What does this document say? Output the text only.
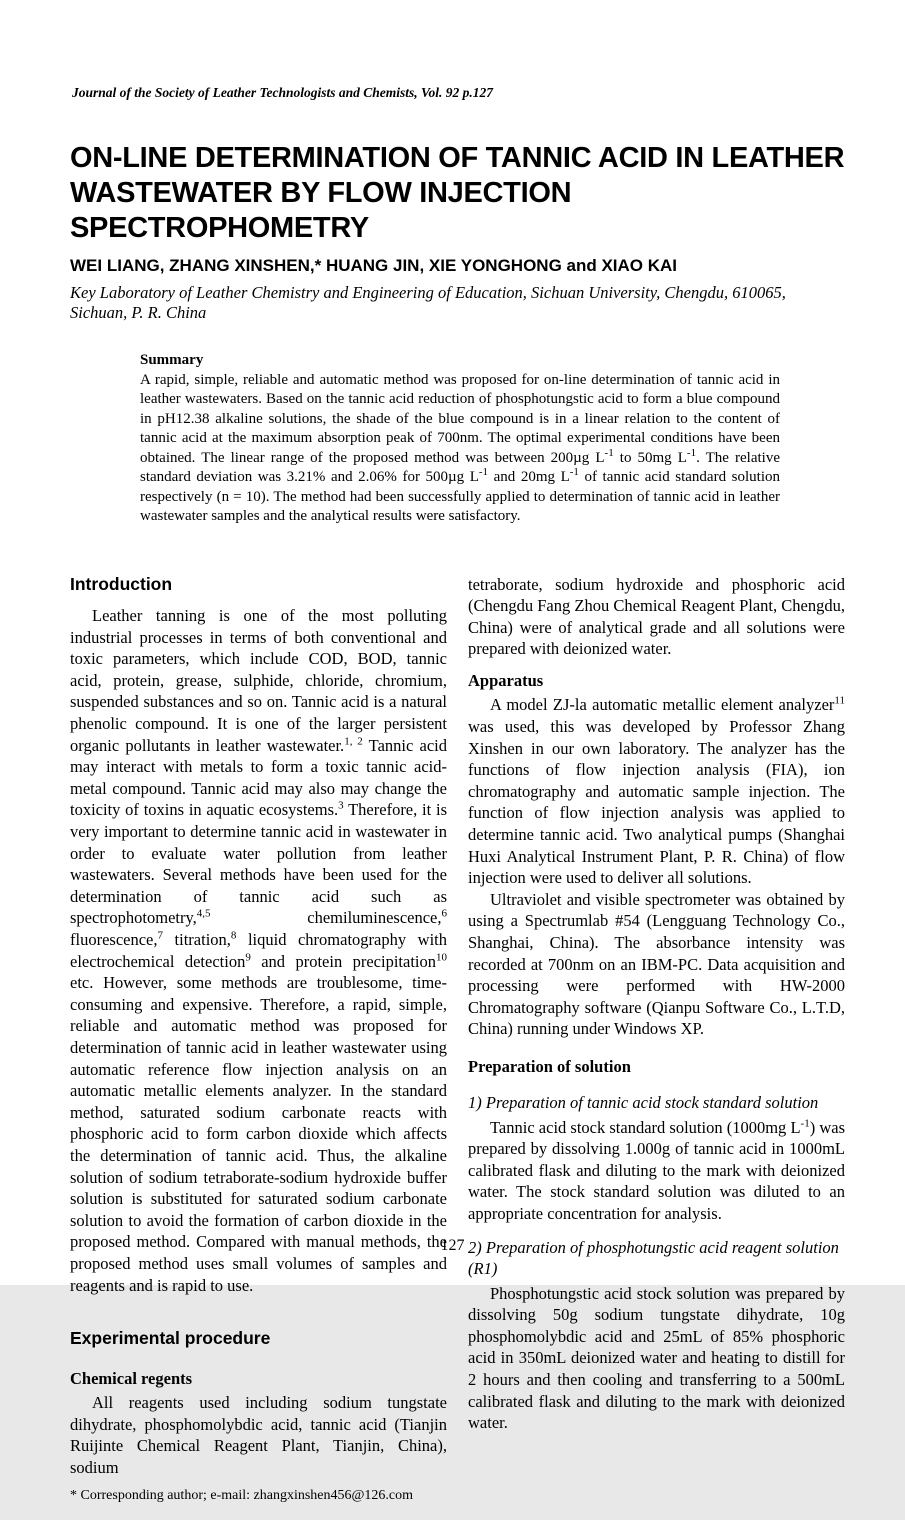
Journal of the Society of Leather Technologists and Chemists, Vol. 92 p.127

ON-LINE DETERMINATION OF TANNIC ACID IN LEATHER WASTEWATER BY FLOW INJECTION SPECTROPHOMETRY

WEI LIANG, ZHANG XINSHEN,* HUANG JIN, XIE YONGHONG and XIAO KAI

Key Laboratory of Leather Chemistry and Engineering of Education, Sichuan University, Chengdu, 610065, Sichuan, P. R. China

Summary

A rapid, simple, reliable and automatic method was proposed for on-line determination of tannic acid in leather wastewaters. Based on the tannic acid reduction of phosphotungstic acid to form a blue compound in pH12.38 alkaline solutions, the shade of the blue compound is in a linear relation to the content of tannic acid at the maximum absorption peak of 700nm. The optimal experimental conditions have been obtained. The linear range of the proposed method was between 200µg $L^{-1}$ to 50mg $L^{-1}$. The relative standard deviation was 3.21% and 2.06% for 500µg $L^{-1}$ and 20mg $L^{-1}$ of tannic acid standard solution respectively (n = 10). The method had been successfully applied to determination of tannic acid in leather wastewater samples and the analytical results were satisfactory.

Introduction

Leather tanning is one of the most polluting industrial processes in terms of both conventional and toxic parameters, which include COD, BOD, tannic acid, protein, grease, sulphide, chloride, chromium, suspended substances and so on. Tannic acid is a natural phenolic compound. It is one of the larger persistent organic pollutants in leather wastewater.$^{1, 2}$ Tannic acid may interact with metals to form a toxic tannic acid-metal compound. Tannic acid may also may change the toxicity of toxins in aquatic ecosystems.$^3$ Therefore, it is very important to determine tannic acid in wastewater in order to evaluate water pollution from leather wastewaters. Several methods have been used for the determination of tannic acid such as spectrophotometry,$^{4,5}$ chemiluminescence,$^6$ fluorescence,$^7$ titration,$^8$ liquid chromatography with electrochemical detection$^9$ and protein precipitation$^{10}$ etc. However, some methods are troublesome, time-consuming and expensive. Therefore, a rapid, simple, reliable and automatic method was proposed for determination of tannic acid in leather wastewater using automatic reference flow injection analysis on an automatic metallic elements analyzer. In the standard method, saturated sodium carbonate reacts with phosphoric acid to form carbon dioxide which affects the determination of tannic acid. Thus, the alkaline solution of sodium tetraborate-sodium hydroxide buffer solution is substituted for saturated sodium carbonate solution to avoid the formation of carbon dioxide in the proposed method. Compared with manual methods, the proposed method uses small volumes of samples and reagents and is rapid to use.

Experimental procedure

Chemical regents

All reagents used including sodium tungstate dihydrate, phosphomolybdic acid, tannic acid (Tianjin Ruijinte Chemical Reagent Plant, Tianjin, China), sodium

* Corresponding author; e-mail: zhangxinshen456@126.com

tetraborate, sodium hydroxide and phosphoric acid (Chengdu Fang Zhou Chemical Reagent Plant, Chengdu, China) were of analytical grade and all solutions were prepared with deionized water.

Apparatus

A model ZJ-la automatic metallic element analyzer$^{11}$ was used, this was developed by Professor Zhang Xinshen in our own laboratory. The analyzer has the functions of flow injection analysis (FIA), ion chromatography and automatic sample injection. The function of flow injection analysis was applied to determine tannic acid. Two analytical pumps (Shanghai Huxi Analytical Instrument Plant, P. R. China) of flow injection were used to deliver all solutions.

Ultraviolet and visible spectrometer was obtained by using a Spectrumlab #54 (Lengguang Technology Co., Shanghai, China). The absorbance intensity was recorded at 700nm on an IBM-PC. Data acquisition and processing were performed with HW-2000 Chromatography software (Qianpu Software Co., L.T.D, China) running under Windows XP.

Preparation of solution

1) Preparation of tannic acid stock standard solution

Tannic acid stock standard solution (1000mg $L^{-1}$) was prepared by dissolving 1.000g of tannic acid in 1000mL calibrated flask and diluting to the mark with deionized water. The stock standard solution was diluted to an appropriate concentration for analysis.

2) Preparation of phosphotungstic acid reagent solution (R1)

Phosphotungstic acid stock solution was prepared by dissolving 50g sodium tungstate dihydrate, 10g phosphomolybdic acid and 25mL of 85% phosphoric acid in 350mL deionized water and heating to distill for 2 hours and then cooling and transferring to a 500mL calibrated flask and diluting to the mark with deionized water.

127
